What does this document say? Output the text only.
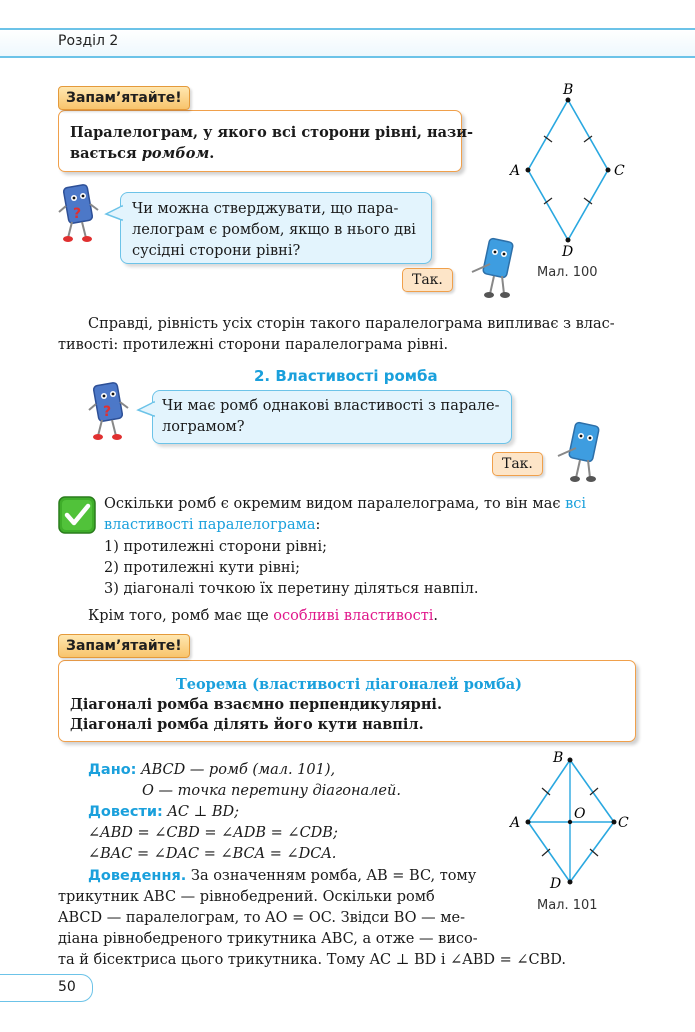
Розділ 2
Запам’ятайте!
Паралелограм, у якого всі сторони рівні, нази-
вається ромбом.
B
C
D
A
Мал. 100
?	Чи можна стверджувати, що пара-
лелограм є ромбом, якщо в нього дві
сусідні сторони рівні?
Так.
Справді, рівність усіх сторін такого паралелограма випливає з влас-
тивості: протилежні сторони паралелограма рівні.
2. Властивості ромба
?	Чи має ромб однакові властивості з парале-
лограмом?
Так.
Оскільки ромб є окремим видом паралелограма, то він має всі
властивості паралелограма:
1) протилежні сторони рівні;
2) протилежні кути рівні;
3) діагоналі точкою їх перетину діляться навпіл.
Крім того, ромб має ще особливі властивості.
Запам’ятайте!
Теорема (властивості діагоналей ромба)
Діагоналі ромба взаємно перпендикулярні.
Діагоналі ромба ділять його кути навпіл.
Дано: ABCD — ромб (мал. 101),
O — точка перетину діагоналей.
Довести: AC ⊥ BD;
∠ABD = ∠CBD = ∠ADB = ∠CDB;
∠BAC = ∠DAC = ∠BCA = ∠DCA.
Доведення. За означенням ромба, AB = BC, тому
трикутник ABC — рівнобедрений. Оскільки ромб
ABCD — паралелограм, то AO = OC. Звідси BO — ме-
діана рівнобедреного трикутника ABC, а отже — висо-
та й бісектриса цього трикутника. Тому AC ⊥ BD і ∠ABD = ∠CBD.
B
C
D
A
O
Мал. 101
50
